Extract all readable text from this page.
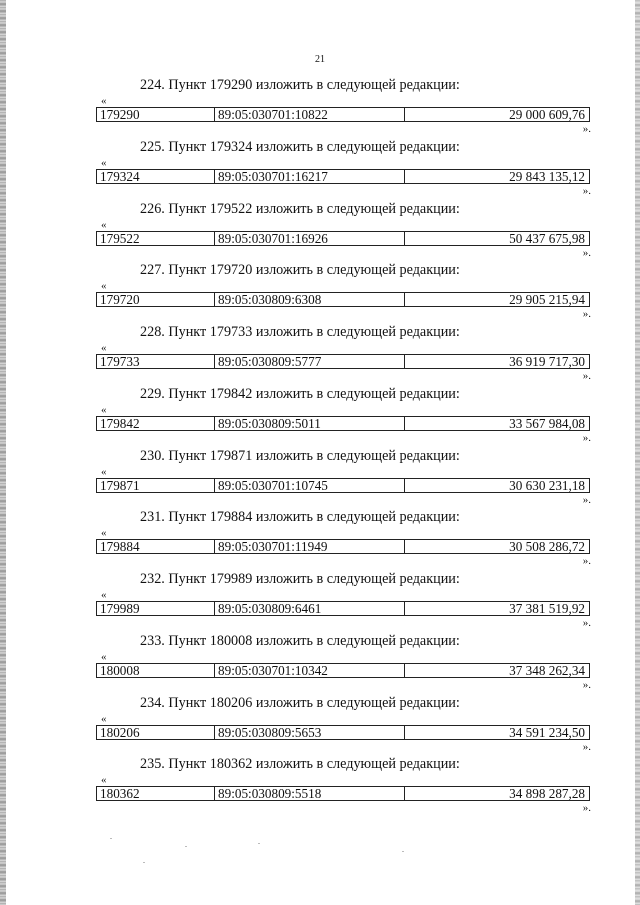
21
224. Пункт 179290 изложить в следующей редакции:
«
179290	89:05:030701:10822	29 000 609,76
».
225. Пункт 179324 изложить в следующей редакции:
«
179324	89:05:030701:16217	29 843 135,12
».
226. Пункт 179522 изложить в следующей редакции:
«
179522	89:05:030701:16926	50 437 675,98
».
227. Пункт 179720 изложить в следующей редакции:
«
179720	89:05:030809:6308	29 905 215,94
».
228. Пункт 179733 изложить в следующей редакции:
«
179733	89:05:030809:5777	36 919 717,30
».
229. Пункт 179842 изложить в следующей редакции:
«
179842	89:05:030809:5011	33 567 984,08
».
230. Пункт 179871 изложить в следующей редакции:
«
179871	89:05:030701:10745	30 630 231,18
».
231. Пункт 179884 изложить в следующей редакции:
«
179884	89:05:030701:11949	30 508 286,72
».
232. Пункт 179989 изложить в следующей редакции:
«
179989	89:05:030809:6461	37 381 519,92
».
233. Пункт 180008 изложить в следующей редакции:
«
180008	89:05:030701:10342	37 348 262,34
».
234. Пункт 180206 изложить в следующей редакции:
«
180206	89:05:030809:5653	34 591 234,50
».
235. Пункт 180362 изложить в следующей редакции:
«
180362	89:05:030809:5518	34 898 287,28
».
